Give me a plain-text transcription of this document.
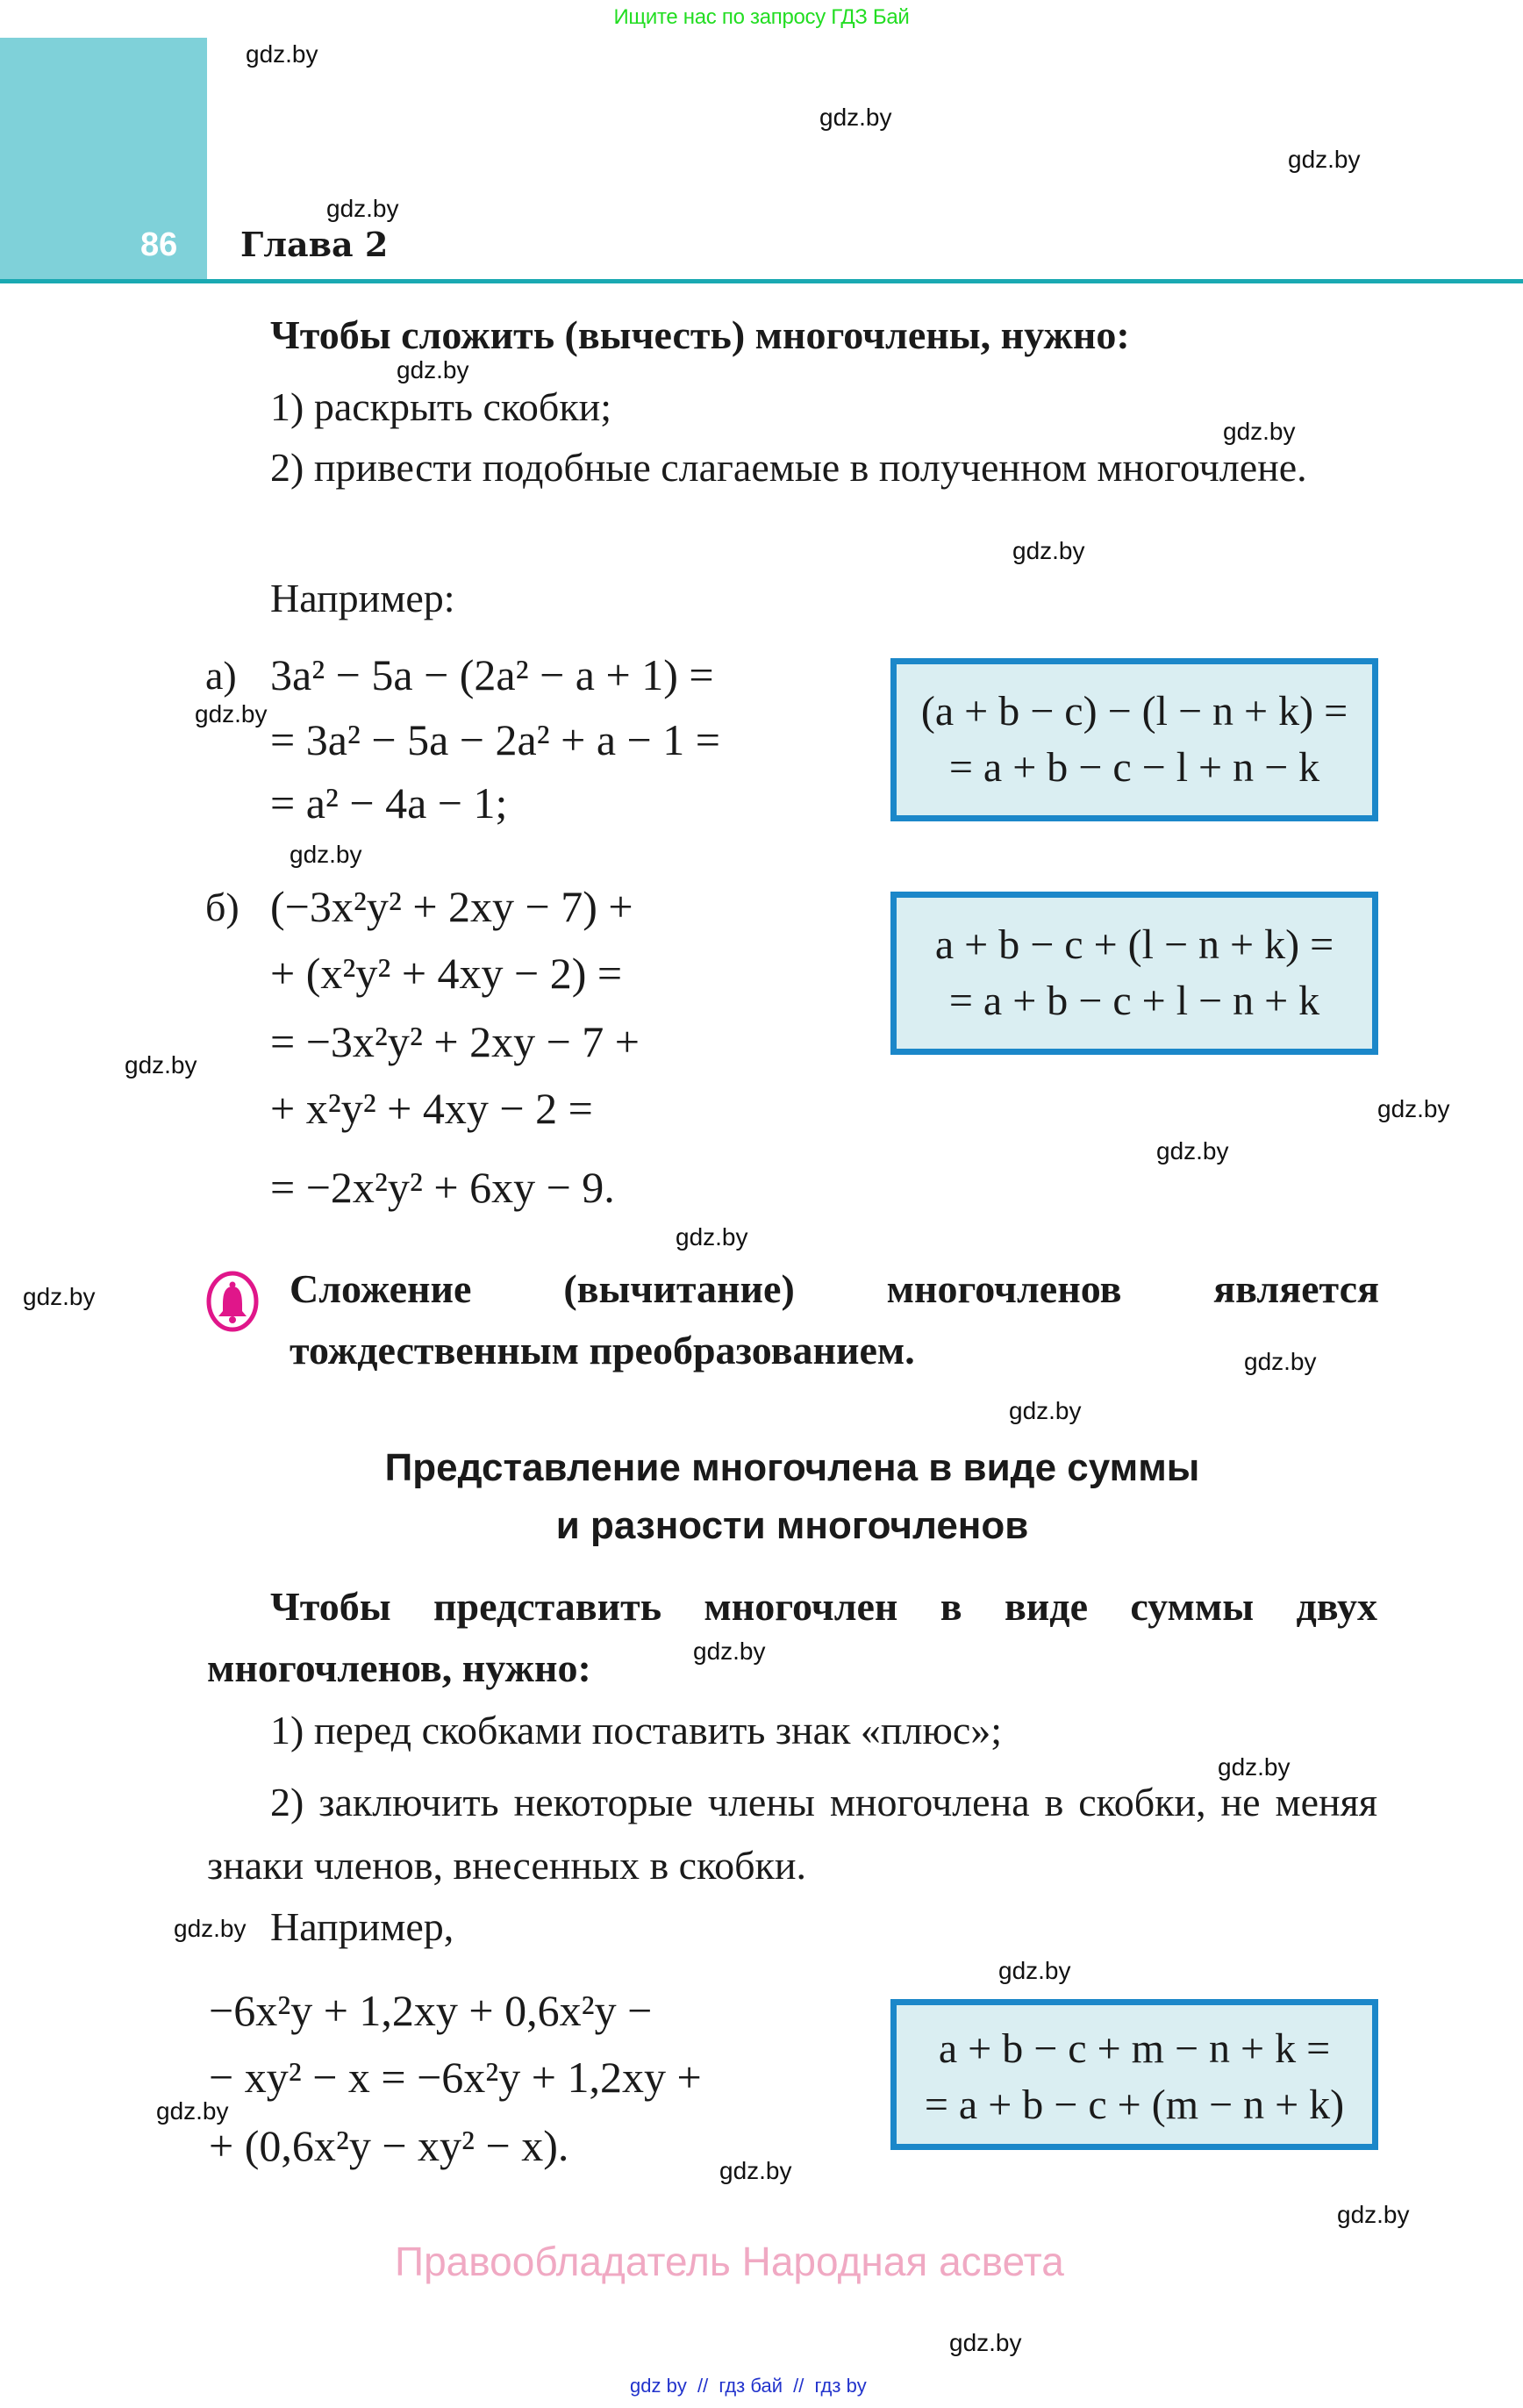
Ищите нас по запросу ГДЗ Бай
86 Глава 2
gdz.by
gdz.by
gdz.by
gdz.by
gdz.by
gdz.by
gdz.by
gdz.by
gdz.by
gdz.by
gdz.by
gdz.by
gdz.by
gdz.by
gdz.by
gdz.by
gdz.by
gdz.by
gdz.by
gdz.by
gdz.by
gdz.by
gdz.by
gdz.by
Чтобы сложить (вычесть) многочлены, нужно:
1) раскрыть скобки;
2) привести подобные слагаемые в полученном многочлене.
Например:
а) 3a² − 5a − (2a² − a + 1) =
= 3a² − 5a − 2a² + a − 1 =
= a² − 4a − 1;
б) (−3x²y² + 2xy − 7) +
+ (x²y² + 4xy − 2) =
= −3x²y² + 2xy − 7 +
+ x²y² + 4xy − 2 =
= −2x²y² + 6xy − 9.
(a + b − c) − (l − n + k) =
= a + b − c − l + n − k
a + b − c + (l − n + k) =
= a + b − c + l − n + k
Сложение (вычитание) многочленов является тождественным преобразованием.
Представление многочлена в виде суммы
и разности многочленов
Чтобы представить многочлен в виде суммы двух многочленов, нужно:
1) перед скобками поставить знак «плюс»;
2) заключить некоторые члены многочлена в скобки, не меняя знаки членов, внесенных в скобки.
Например,
−6x²y + 1,2xy + 0,6x²y −
− xy² − x = −6x²y + 1,2xy +
+ (0,6x²y − xy² − x).
a + b − c + m − n + k =
= a + b − c + (m − n + k)
Правообладатель Народная асвета
gdz by // гдз бай // гдз by
